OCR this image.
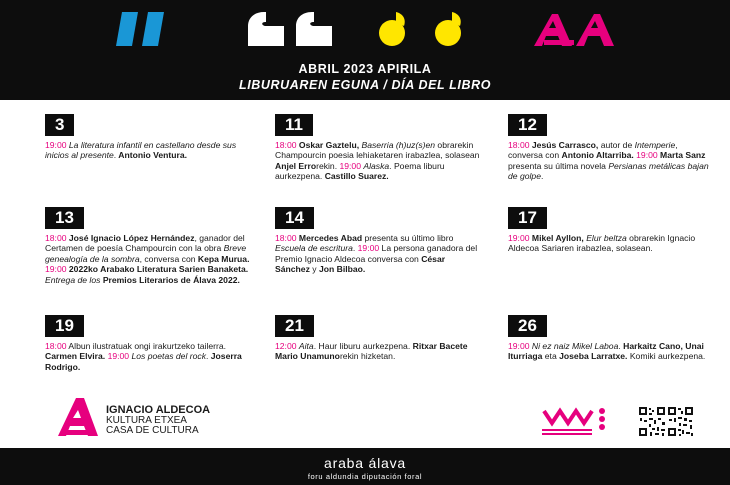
ABRIL 2023 APIRILA
LIBURUAREN EGUNA / DÍA DEL LIBRO
3
19:00 La literatura infantil en castellano desde sus inicios al presente. Antonio Ventura.
11
18:00 Oskar Gaztelu, Baserria (h)uz(s)en obrarekin Champourcin poesia lehiaketaren irabazlea, solasean Anjel Errorekin. 19:00 Alaska. Poema liburu aurkezpena. Castillo Suarez.
12
18:00 Jesús Carrasco, autor de Intemperie, conversa con Antonio Altarriba. 19:00 Marta Sanz presenta su última novela Persianas metálicas bajan de golpe.
13
18:00 José Ignacio López Hernández, ganador del Certamen de poesía Champourcin con la obra Breve genealogía de la sombra, conversa con Kepa Murua. 19:00 2022ko Arabako Literatura Sarien Banaketa. Entrega de los Premios Literarios de Álava 2022.
14
18:00 Mercedes Abad presenta su último libro Escuela de escritura. 19:00 La persona ganadora del Premio Ignacio Aldecoa conversa con César Sánchez y Jon Bilbao.
17
19:00 Mikel Ayllon, Elur beltza obrarekin Ignacio Aldecoa Sariaren irabazlea, solasean.
19
18:00 Albun ilustratuak ongi irakurtzeko tailerra. Carmen Elvira. 19:00 Los poetas del rock. Joserra Rodrigo.
21
12:00 Aita. Haur liburu aurkezpena. Ritxar Bacete Mario Unamunorekin hizketan.
26
19:00 Ni ez naiz Mikel Laboa. Harkaitz Cano, Unai Iturriaga eta Joseba Larratxe. Komiki aurkezpena.
IGNACIO ALDECOA
KULTURA ETXEA
CASA DE CULTURA
araba álava
foru aldundia diputación foral
